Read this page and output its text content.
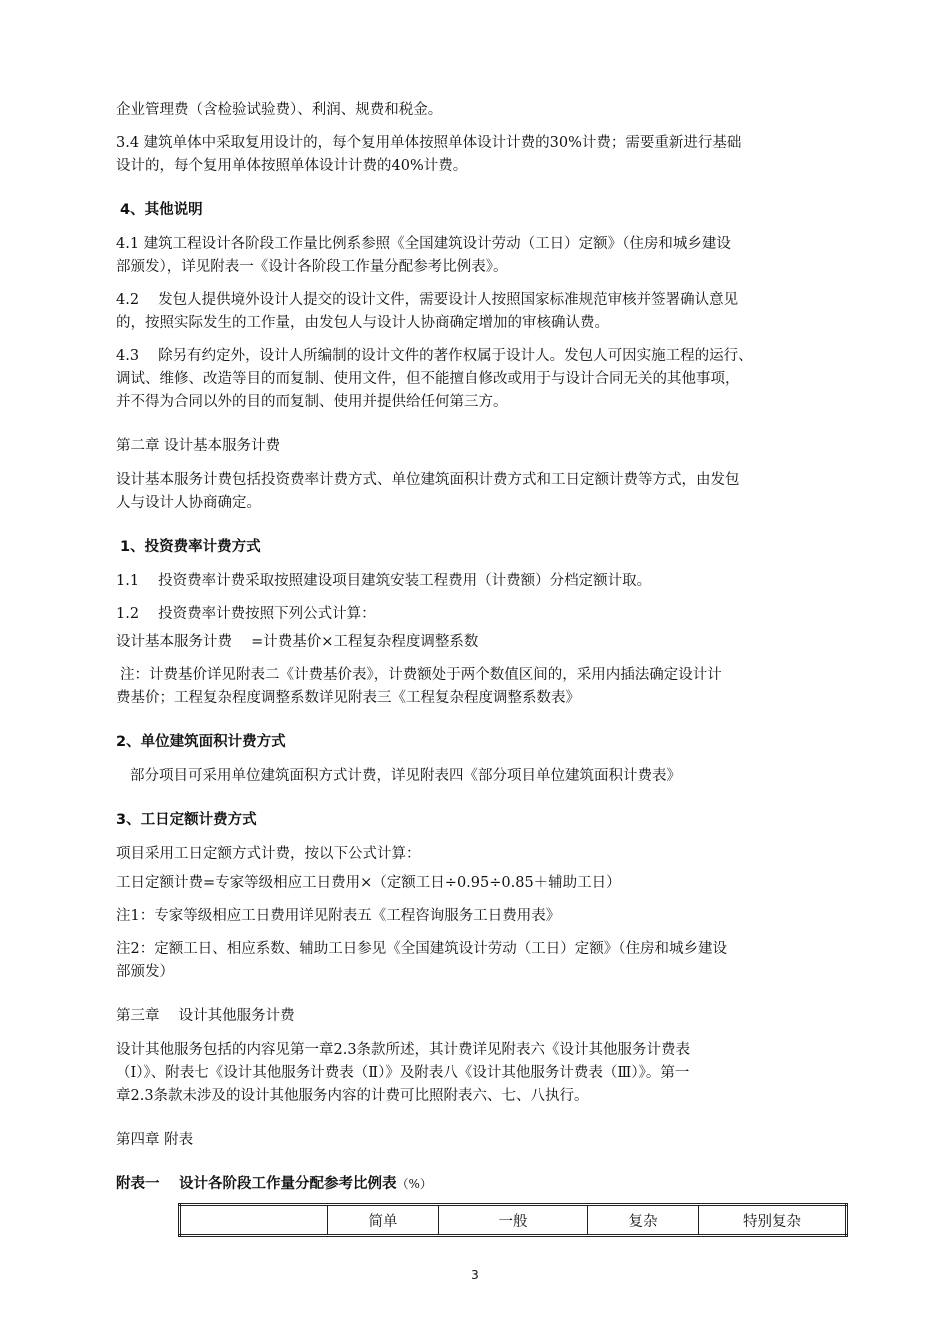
企业管理费（含检验试验费）、利润、规费和税金。
3.4 建筑单体中采取复用设计的，每个复用单体按照单体设计计费的30%计费；需要重新进行基础
设计的，每个复用单体按照单体设计计费的40%计费。
4、其他说明
4.1 建筑工程设计各阶段工作量比例系参照《全国建筑设计劳动（工日）定额》（住房和城乡建设
部颁发），详见附表一《设计各阶段工作量分配参考比例表》。
4.2　 发包人提供境外设计人提交的设计文件，需要设计人按照国家标准规范审核并签署确认意见
的，按照实际发生的工作量，由发包人与设计人协商确定增加的审核确认费。
4.3　 除另有约定外，设计人所编制的设计文件的著作权属于设计人。发包人可因实施工程的运行、
调试、维修、改造等目的而复制、使用文件，但不能擅自修改或用于与设计合同无关的其他事项，
并不得为合同以外的目的而复制、使用并提供给任何第三方。
第二章 设计基本服务计费
设计基本服务计费包括投资费率计费方式、单位建筑面积计费方式和工日定额计费等方式，由发包
人与设计人协商确定。
1、投资费率计费方式
1.1　 投资费率计费采取按照建设项目建筑安装工程费用（计费额）分档定额计取。
1.2　 投资费率计费按照下列公式计算：
设计基本服务计费　 =计费基价×工程复杂程度调整系数
注：计费基价详见附表二《计费基价表》，计费额处于两个数值区间的，采用内插法确定设计计
费基价；工程复杂程度调整系数详见附表三《工程复杂程度调整系数表》
2、单位建筑面积计费方式
部分项目可采用单位建筑面积方式计费，详见附表四《部分项目单位建筑面积计费表》
3、工日定额计费方式
项目采用工日定额方式计费，按以下公式计算：
工日定额计费=专家等级相应工日费用×（定额工日÷0.95÷0.85＋辅助工日）
注1：专家等级相应工日费用详见附表五《工程咨询服务工日费用表》
注2：定额工日、相应系数、辅助工日参见《全国建筑设计劳动（工日）定额》（住房和城乡建设
部颁发）
第三章　 设计其他服务计费
设计其他服务包括的内容见第一章2.3条款所述，其计费详见附表六《设计其他服务计费表
（Ⅰ）》、附表七《设计其他服务计费表（Ⅱ）》及附表八《设计其他服务计费表（Ⅲ）》。第一
章2.3条款未涉及的设计其他服务内容的计费可比照附表六、七、八执行。
第四章 附表
附表一　 设计各阶段工作量分配参考比例表（%）
	简单	一般	复杂	特别复杂
3
